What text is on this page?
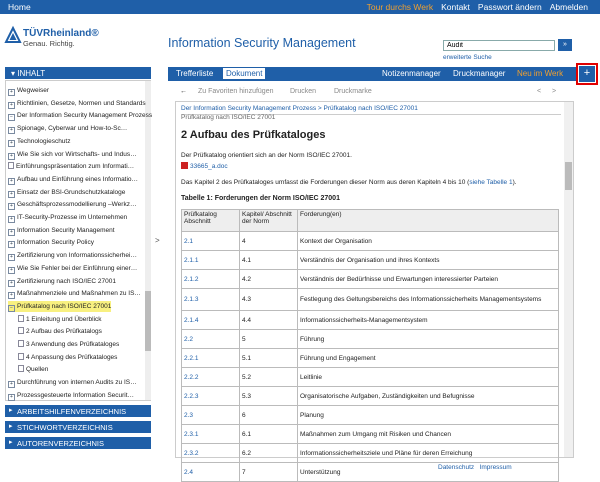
Home	Tour durchs Werk Kontakt Passwort ändern Abmelden
TÜVRheinland®
Genau. Richtig.	Information Security Management
Audit	»
erweiterte Suche
▾ INHALT
+ Wegweiser
+ Richtlinien, Gesetze, Normen und Standards
− Der Information Security Management Prozess
+ Spionage, Cyberwar und How-to-Sc…
+ Technologieschutz
+ Wie Sie sich vor Wirtschafts- und Indus…
Einführungspräsentation zum Informati…
+ Aufbau und Einführung eines Informatio…
+ Einsatz der BSI-Grundschutzkataloge
+ Geschäftsprozessmodellierung –Werkz…
+ IT-Security-Prozesse im Unternehmen
+ Information Security Management
+ Information Security Policy
+ Zertifizierung von Informationssicherhei…
+ Wie Sie Fehler bei der Einführung einer…
+ Zertifizierung nach ISO/IEC 27001
+ Maßnahmenziele und Maßnahmen zu IS…
− Prüfkatalog nach ISO/IEC 27001
1 Einleitung und Überblick
2 Aufbau des Prüfkatalogs
3 Anwendung des Prüfkataloges
4 Anpassung des Prüfkataloges
Quellen
+ Durchführung von internen Audits zu IS…
+ Prozessgesteuerte Information Securit…
▸ ARBEITSHILFENVERZEICHNIS
▸ STICHWORTVERZEICHNIS
▸ AUTORENVERZEICHNIS
>
Trefferliste	Dokument	Notizenmanager Druckmanager Neu im Werk	+
← Zu Favoriten hinzufügen Drucken	Druckmarke	< >
Der Information Security Management Prozess > Prüfkatalog nach ISO/IEC 27001
Prüfkatalog nach ISO/IEC 27001
2 Aufbau des Prüfkataloges
Der Prüfkatalog orientiert sich an der Norm ISO/IEC 27001.
33665_a.doc
Das Kapitel 2 des Prüfkataloges umfasst die Forderungen dieser Norm aus deren Kapiteln 4 bis 10 (siehe Tabelle 1).
Tabelle 1: Forderungen der Norm ISO/IEC 27001
Prüfkatalog Abschnitt	Kapitel/ Abschnitt der Norm	Forderung(en)
2.1	4	Kontext der Organisation
2.1.1	4.1	Verständnis der Organisation und ihres Kontexts
2.1.2	4.2	Verständnis der Bedürfnisse und Erwartungen interessierter Parteien
2.1.3	4.3	Festlegung des Geltungsbereichs des Informationssicherheits Managementsystems
2.1.4	4.4	Informationssicherheits-Managementsystem
2.2	5	Führung
2.2.1	5.1	Führung und Engagement
2.2.2	5.2	Leitlinie
2.2.3	5.3	Organisatorische Aufgaben, Zuständigkeiten und Befugnisse
2.3	6	Planung
2.3.1	6.1	Maßnahmen zum Umgang mit Risiken und Chancen
2.3.2	6.2	Informationssicherheitsziele und Pläne für deren Erreichung
2.4	7	Unterstützung
Datenschutz Impressum
